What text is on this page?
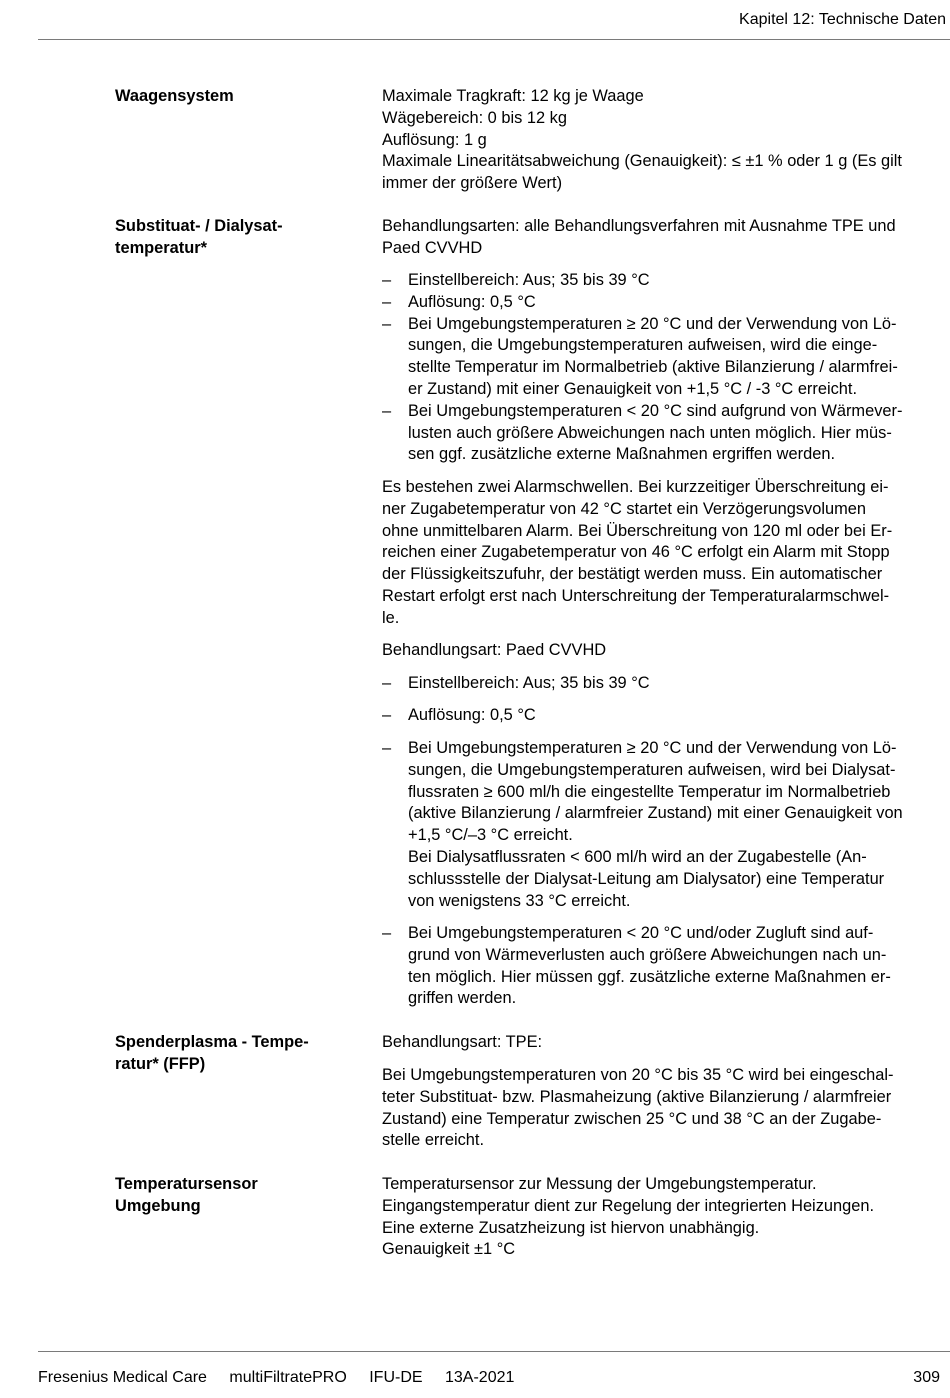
Kapitel 12: Technische Daten
Waagensystem	Maximale Tragkraft: 12 kg je Waage

Wägebereich: 0 bis 12 kg

Auflösung: 1 g

Maximale Linearitätsabweichung (Genauigkeit): ≤ ±1 % oder 1 g (Es gilt

immer der größere Wert)

Substituat- / Dialysat-
temperatur*

Behandlungsarten: alle Behandlungsverfahren mit Ausnahme TPE und

Paed CVVHD

– Einstellbereich: Aus; 35 bis 39 °C
– Auflösung: 0,5 °C
– Bei Umgebungstemperaturen ≥ 20 °C und der Verwendung von Lö-
sungen, die Umgebungstemperaturen aufweisen, wird die einge-
stellte Temperatur im Normalbetrieb (aktive Bilanzierung / alarmfrei-
er Zustand) mit einer Genauigkeit von +1,5 °C / -3 °C erreicht.
– Bei Umgebungstemperaturen < 20 °C sind aufgrund von Wärmever-
lusten auch größere Abweichungen nach unten möglich. Hier müs-
sen ggf. zusätzliche externe Maßnahmen ergriffen werden.

Es bestehen zwei Alarmschwellen. Bei kurzzeitiger Überschreitung ei-

ner Zugabetemperatur von 42 °C startet ein Verzögerungsvolumen

ohne unmittelbaren Alarm. Bei Überschreitung von 120 ml oder bei Er-

reichen einer Zugabetemperatur von 46 °C erfolgt ein Alarm mit Stopp

der Flüssigkeitszufuhr, der bestätigt werden muss. Ein automatischer

Restart erfolgt erst nach Unterschreitung der Temperaturalarmschwel-

le.

Behandlungsart: Paed CVVHD
– Einstellbereich: Aus; 35 bis 39 °C
– Auflösung: 0,5 °C
– Bei Umgebungstemperaturen ≥ 20 °C und der Verwendung von Lö-
sungen, die Umgebungstemperaturen aufweisen, wird bei Dialysat-
flussraten ≥ 600 ml/h die eingestellte Temperatur im Normalbetrieb
(aktive Bilanzierung / alarmfreier Zustand) mit einer Genauigkeit von
+1,5 °C/–3 °C erreicht.
Bei Dialysatflussraten < 600 ml/h wird an der Zugabestelle (An-
schlussstelle der Dialysat-Leitung am Dialysator) eine Temperatur
von wenigstens 33 °C erreicht.
– Bei Umgebungstemperaturen < 20 °C und/oder Zugluft sind auf-
grund von Wärmeverlusten auch größere Abweichungen nach un-
ten möglich. Hier müssen ggf. zusätzliche externe Maßnahmen er-
griffen werden.
Spenderplasma - Tempe-
ratur* (FFP)
Behandlungsart: TPE:

Bei Umgebungstemperaturen von 20 °C bis 35 °C wird bei eingeschal-

teter Substituat- bzw. Plasmaheizung (aktive Bilanzierung / alarmfreier

Zustand) eine Temperatur zwischen 25 °C und 38 °C an der Zugabe-

stelle erreicht.

Temperatursensor
Umgebung

Temperatursensor zur Messung der Umgebungstemperatur.

Eingangstemperatur dient zur Regelung der integrierten Heizungen.

Eine externe Zusatzheizung ist hiervon unabhängig.

Genauigkeit ±1 °C

Fresenius Medical Care multiFiltratePRO IFU-DE 13A-2021	309
